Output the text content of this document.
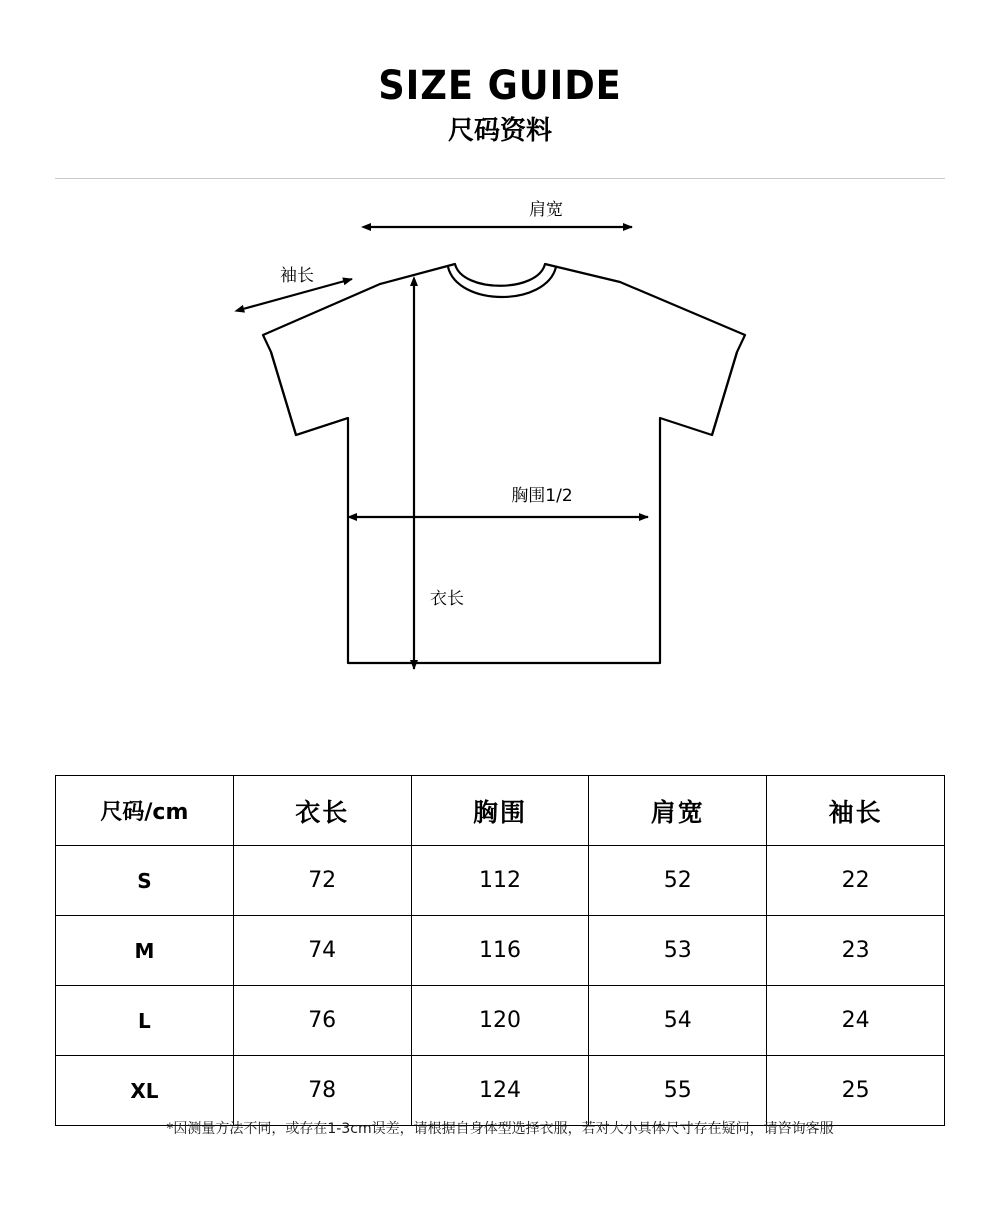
SIZE GUIDE
尺码资料
肩宽
袖长
胸围1/2
衣长
尺码/cm	衣长	胸围	肩宽	袖长
S	72	112	52	22
M	74	116	53	23
L	76	120	54	24
XL	78	124	55	25
*因测量方法不同，或存在1-3cm误差，请根据自身体型选择衣服，若对大小具体尺寸存在疑问，请咨询客服
